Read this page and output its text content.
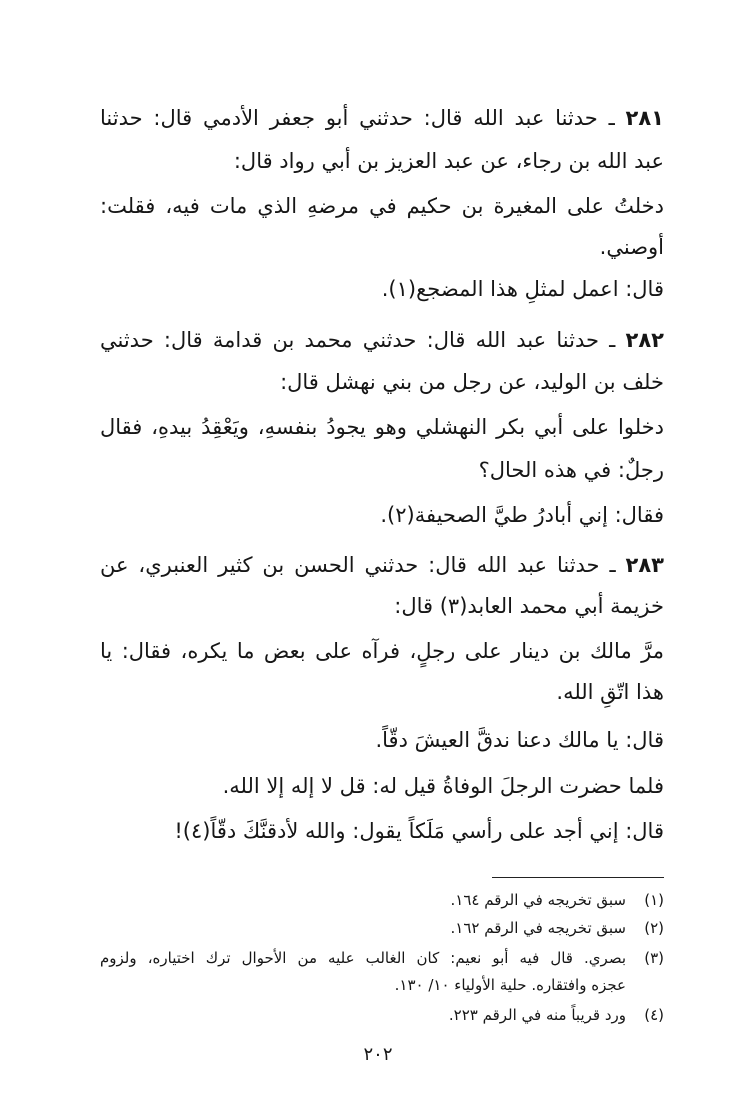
٢٨١ ـ حدثنا عبد الله قال: حدثني أبو جعفر الأدمي قال: حدثنا
عبد الله بن رجاء، عن عبد العزيز بن أبي رواد قال:
دخلتُ على المغيرة بن حكيم في مرضهِ الذي مات فيه، فقلت:
أوصني.
قال: اعمل لمثلِ هذا المضجع(١).
٢٨٢ ـ حدثنا عبد الله قال: حدثني محمد بن قدامة قال: حدثني
خلف بن الوليد، عن رجل من بني نهشل قال:
دخلوا على أبي بكر النهشلي وهو يجودُ بنفسهِ، ويَعْقِدُ بيدهِ، فقال
رجلٌ: في هذه الحال؟
فقال: إني أبادرُ طيَّ الصحيفة(٢).
٢٨٣ ـ حدثنا عبد الله قال: حدثني الحسن بن كثير العنبري، عن
خزيمة أبي محمد العابد(٣) قال:
مرَّ مالك بن دينار على رجلٍ، فرآه على بعض ما يكره، فقال: يا
هذا اتّقِ الله.
قال: يا مالك دعنا ندقَّ العيشَ دقّاً.
فلما حضرت الرجلَ الوفاةُ قيل له: قل لا إله إلا الله.
قال: إني أجد على رأسي مَلَكاً يقول: والله لأدقنَّكَ دقّاً(٤)!
(١)سبق تخريجه في الرقم ١٦٤.
(٢)سبق تخريجه في الرقم ١٦٢.
(٣)بصري. قال فيه أبو نعيم: كان الغالب عليه من الأحوال ترك اختياره، ولزوم
عجزه وافتقاره. حلية الأولياء ١٠/ ١٣٠.
(٤)ورد قريباً منه في الرقم ٢٢٣.
٢٠٢
